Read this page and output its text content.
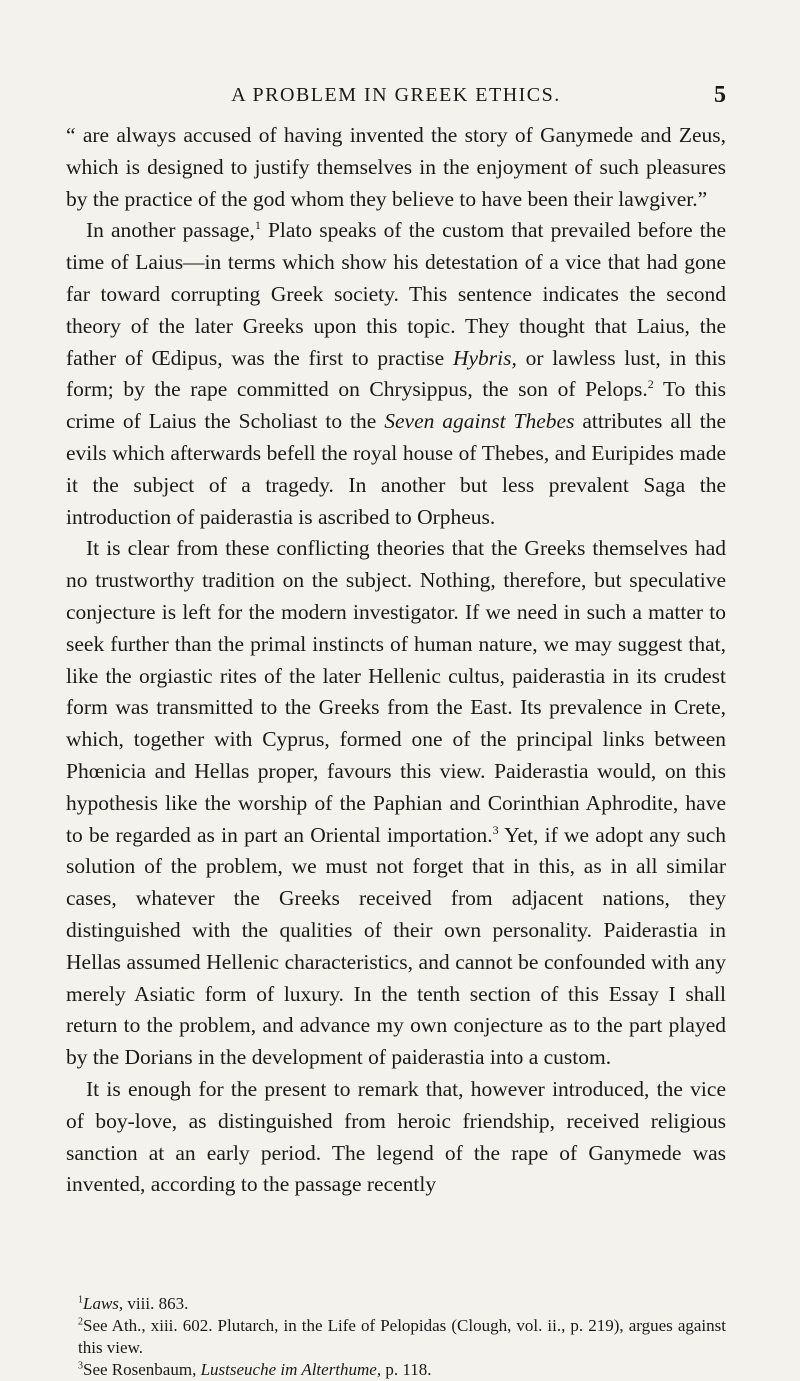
A PROBLEM IN GREEK ETHICS.	5

“ are always accused of having invented the story of Ganymede and Zeus, which is designed to justify themselves in the enjoyment of such pleasures by the practice of the god whom they believe to have been their lawgiver.”

In another passage,$^1$ Plato speaks of the custom that prevailed before the time of Laius—in terms which show his detestation of a vice that had gone far toward corrupting Greek society. This sentence indicates the second theory of the later Greeks upon this topic. They thought that Laius, the father of Œdipus, was the first to practise Hybris, or lawless lust, in this form; by the rape committed on Chrysippus, the son of Pelops.$^2$ To this crime of Laius the Scholiast to the Seven against Thebes attributes all the evils which afterwards befell the royal house of Thebes, and Euripides made it the subject of a tragedy. In another but less prevalent Saga the introduction of paiderastia is ascribed to Orpheus.

It is clear from these conflicting theories that the Greeks themselves had no trustworthy tradition on the subject. Nothing, therefore, but speculative conjecture is left for the modern investigator. If we need in such a matter to seek further than the primal instincts of human nature, we may suggest that, like the orgiastic rites of the later Hellenic cultus, paiderastia in its crudest form was transmitted to the Greeks from the East. Its prevalence in Crete, which, together with Cyprus, formed one of the principal links between Phœnicia and Hellas proper, favours this view. Paiderastia would, on this hypothesis like the worship of the Paphian and Corinthian Aphrodite, have to be regarded as in part an Oriental importation.$^3$ Yet, if we adopt any such solution of the problem, we must not forget that in this, as in all similar cases, whatever the Greeks received from adjacent nations, they distinguished with the qualities of their own personality. Paiderastia in Hellas assumed Hellenic characteristics, and cannot be confounded with any merely Asiatic form of luxury. In the tenth section of this Essay I shall return to the problem, and advance my own conjecture as to the part played by the Dorians in the development of paiderastia into a custom.

It is enough for the present to remark that, however introduced, the vice of boy-love, as distinguished from heroic friendship, received religious sanction at an early period. The legend of the rape of Ganymede was invented, according to the passage recently

$^1$Laws, viii. 863.

$^2$See Ath., xiii. 602. Plutarch, in the Life of Pelopidas (Clough, vol. ii., p. 219), argues against this view.

$^3$See Rosenbaum, Lustseuche im Alterthume, p. 118.
